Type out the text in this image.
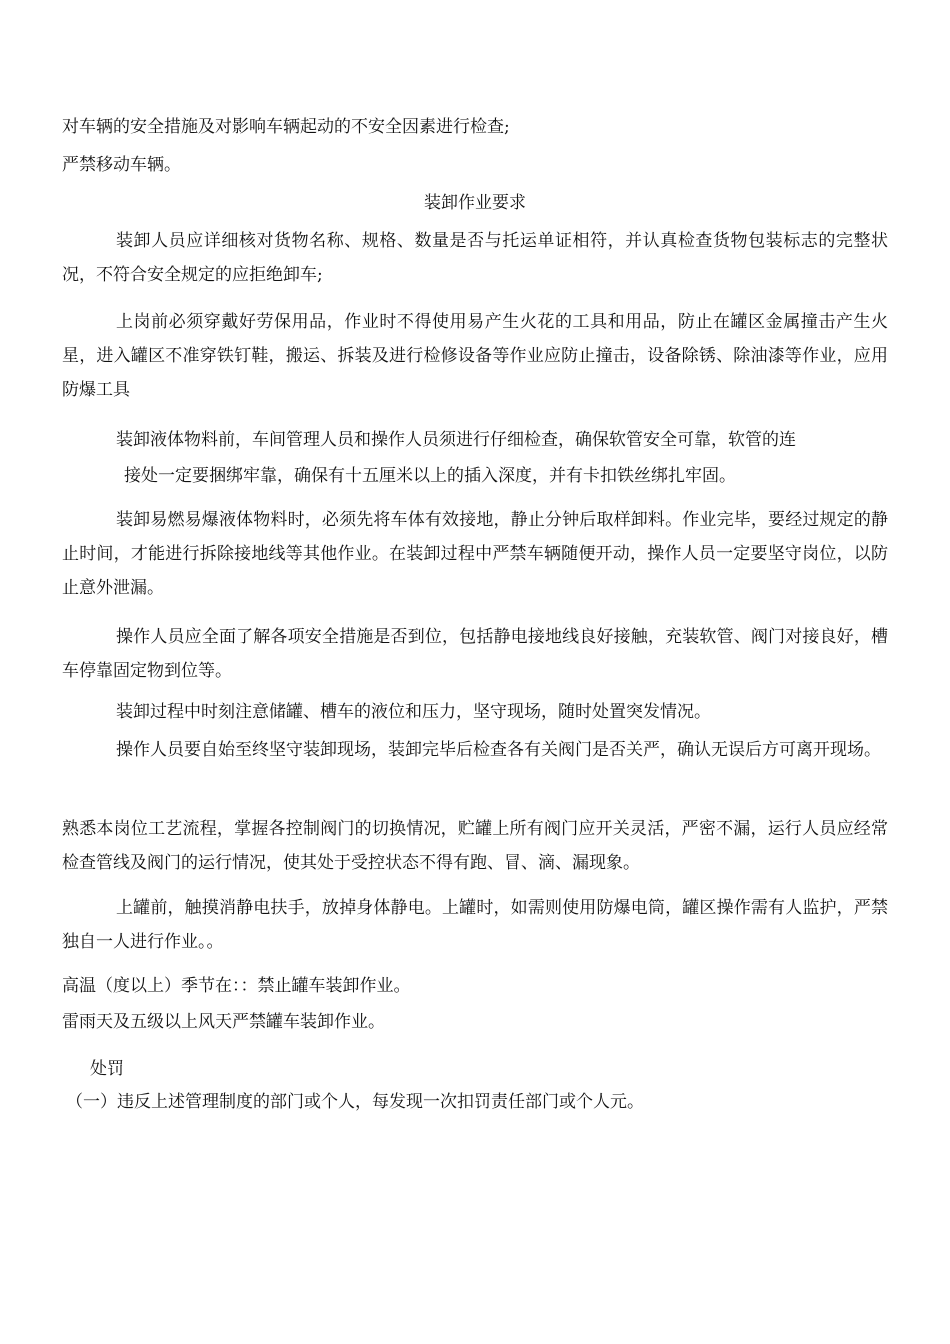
对车辆的安全措施及对影响车辆起动的不安全因素进行检查;

严禁移动车辆。

装卸作业要求

装卸人员应详细核对货物名称、规格、数量是否与托运单证相符，并认真检查货物包装标志的完整状况，不符合安全规定的应拒绝卸车;

上岗前必须穿戴好劳保用品，作业时不得使用易产生火花的工具和用品，防止在罐区金属撞击产生火星，进入罐区不准穿铁钉鞋，搬运、拆装及进行检修设备等作业应防止撞击，设备除锈、除油漆等作业，应用防爆工具

装卸液体物料前，车间管理人员和操作人员须进行仔细检查，确保软管安全可靠，软管的连

接处一定要捆绑牢靠，确保有十五厘米以上的插入深度，并有卡扣铁丝绑扎牢固。

装卸易燃易爆液体物料时，必须先将车体有效接地，静止分钟后取样卸料。作业完毕，要经过规定的静止时间，才能进行拆除接地线等其他作业。在装卸过程中严禁车辆随便开动，操作人员一定要坚守岗位，以防止意外泄漏。

操作人员应全面了解各项安全措施是否到位，包括静电接地线良好接触，充装软管、阀门对接良好，槽车停靠固定物到位等。

装卸过程中时刻注意储罐、槽车的液位和压力，坚守现场，随时处置突发情况。

操作人员要自始至终坚守装卸现场，装卸完毕后检查各有关阀门是否关严，确认无误后方可离开现场。

熟悉本岗位工艺流程，掌握各控制阀门的切换情况，贮罐上所有阀门应开关灵活，严密不漏，运行人员应经常检查管线及阀门的运行情况，使其处于受控状态不得有跑、冒、滴、漏现象。

上罐前，触摸消静电扶手，放掉身体静电。上罐时，如需则使用防爆电筒，罐区操作需有人监护，严禁独自一人进行作业。。

高温（度以上）季节在：：禁止罐车装卸作业。

雷雨天及五级以上风天严禁罐车装卸作业。

处罚

（一）违反上述管理制度的部门或个人，每发现一次扣罚责任部门或个人元。
